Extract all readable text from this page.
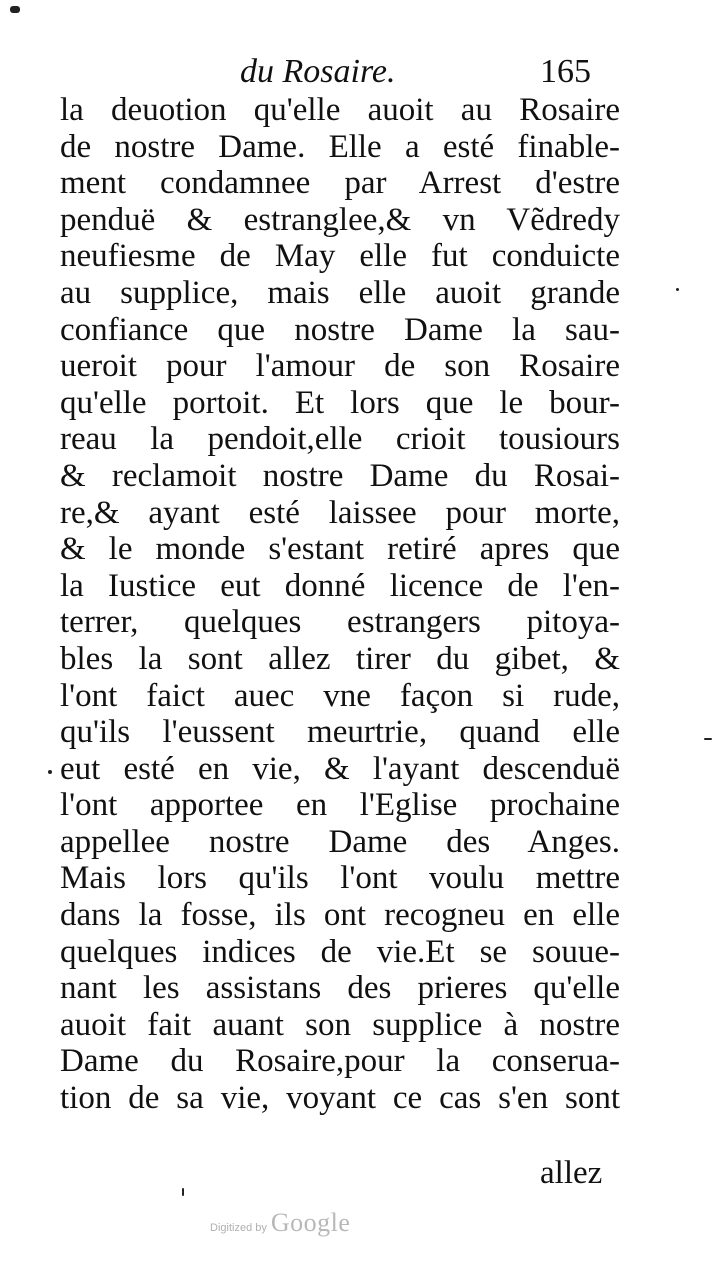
du Rosaire.	165
la deuotion qu'elle auoit au Rosaire
de nostre Dame. Elle a esté finable-
ment condamnee par Arrest d'estre
penduë & estranglee,& vn Vẽdredy
neufiesme de May elle fut conduicte
au supplice, mais elle auoit grande
confiance que nostre Dame la sau-
ueroit pour l'amour de son Rosaire
qu'elle portoit. Et lors que le bour-
reau la pendoit,elle crioit tousiours
& reclamoit nostre Dame du Rosai-
re,& ayant esté laissee pour morte,
& le monde s'estant retiré apres que
la Iustice eut donné licence de l'en-
terrer, quelques estrangers pitoya-
bles la sont allez tirer du gibet, &
l'ont faict auec vne façon si rude,
qu'ils l'eussent meurtrie, quand elle
eut esté en vie, & l'ayant descenduë
l'ont apportee en l'Eglise prochaine
appellee nostre Dame des Anges.
Mais lors qu'ils l'ont voulu mettre
dans la fosse, ils ont recogneu en elle
quelques indices de vie.Et se souue-
nant les assistans des prieres qu'elle
auoit fait auant son supplice à nostre
Dame du Rosaire,pour la conserua-
tion de sa vie, voyant ce cas s'en sont
allez
Digitized by Google
